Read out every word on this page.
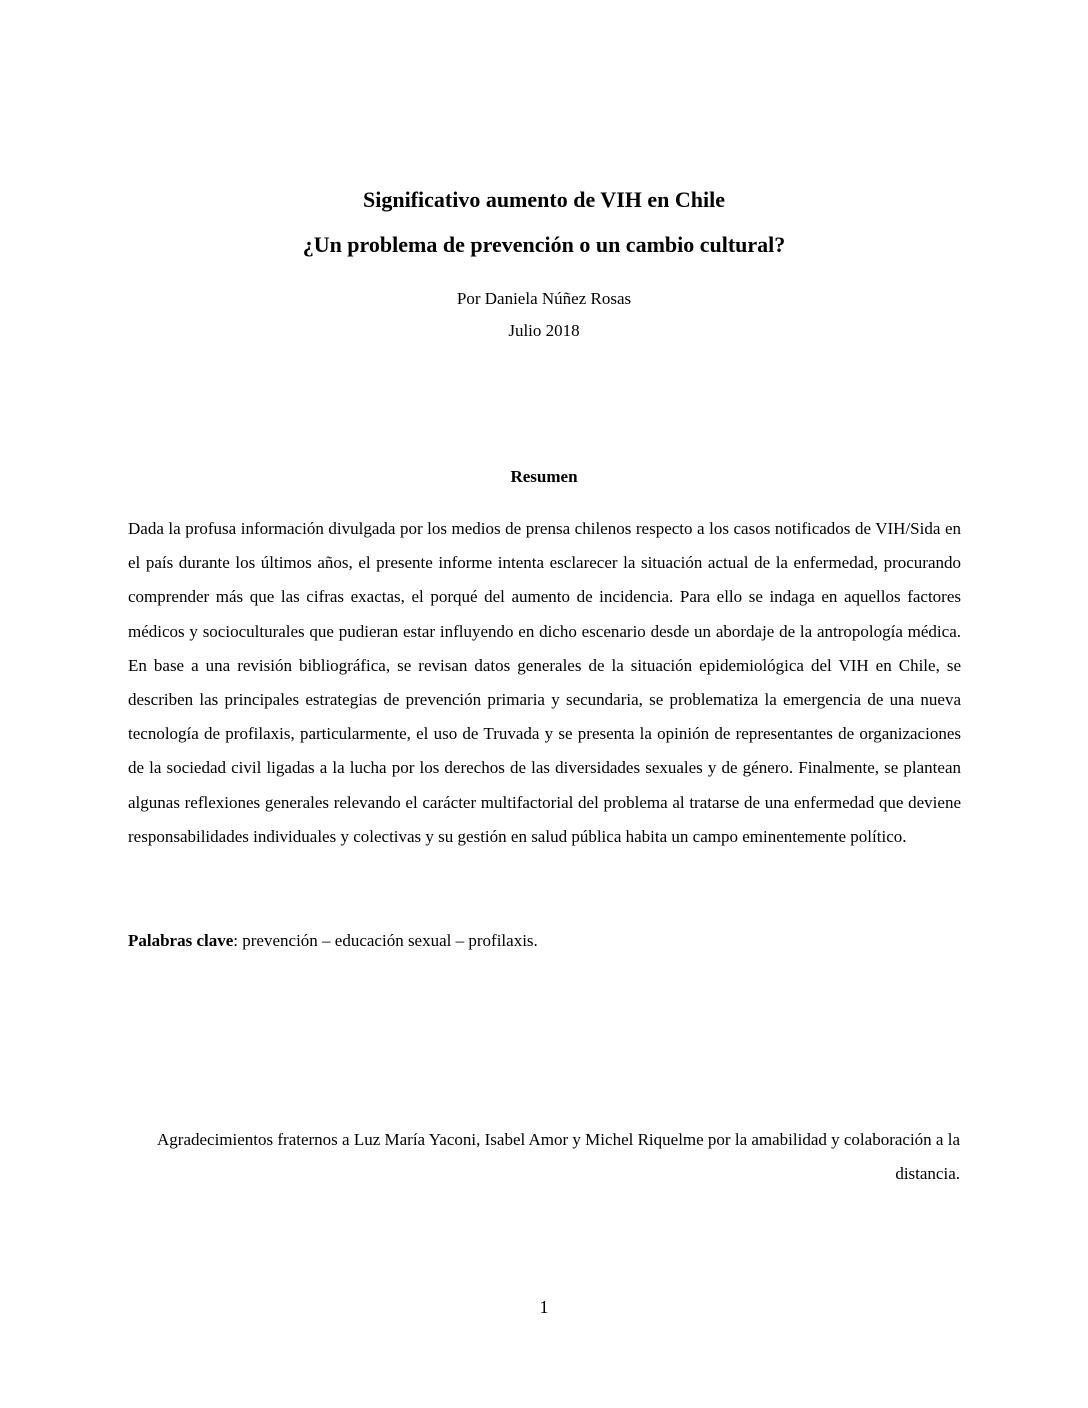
Significativo aumento de VIH en Chile
¿Un problema de prevención o un cambio cultural?
Por Daniela Núñez Rosas
Julio 2018
Resumen

Dada la profusa información divulgada por los medios de prensa chilenos respecto a los casos notificados de VIH/Sida en el país durante los últimos años, el presente informe intenta esclarecer la situación actual de la enfermedad, procurando comprender más que las cifras exactas, el porqué del aumento de incidencia. Para ello se indaga en aquellos factores médicos y socioculturales que pudieran estar influyendo en dicho escenario desde un abordaje de la antropología médica. En base a una revisión bibliográfica, se revisan datos generales de la situación epidemiológica del VIH en Chile, se describen las principales estrategias de prevención primaria y secundaria, se problematiza la emergencia de una nueva tecnología de profilaxis, particularmente, el uso de Truvada y se presenta la opinión de representantes de organizaciones de la sociedad civil ligadas a la lucha por los derechos de las diversidades sexuales y de género. Finalmente, se plantean algunas reflexiones generales relevando el carácter multifactorial del problema al tratarse de una enfermedad que deviene responsabilidades individuales y colectivas y su gestión en salud pública habita un campo eminentemente político.

Palabras clave: prevención – educación sexual – profilaxis.

Agradecimientos fraternos a Luz María Yaconi, Isabel Amor y Michel Riquelme por la amabilidad y colaboración a la distancia.

1
